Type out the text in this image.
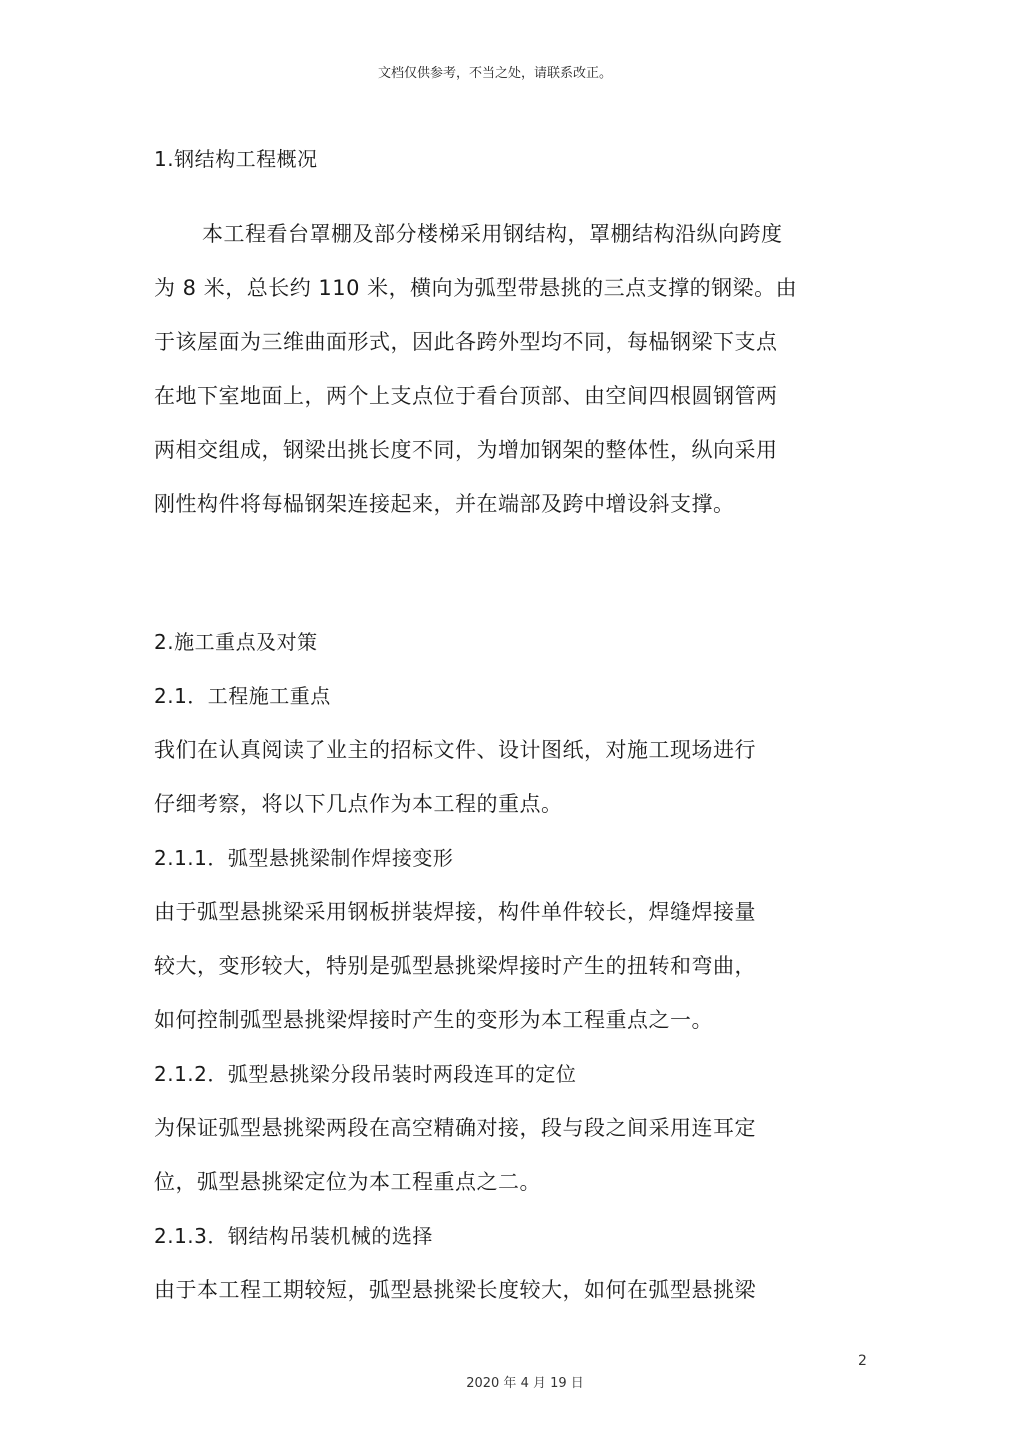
文档仅供参考，不当之处，请联系改正。
1.钢结构工程概况
本工程看台罩棚及部分楼梯采用钢结构，罩棚结构沿纵向跨度
为 8 米，总长约 110 米，横向为弧型带悬挑的三点支撑的钢梁。由
于该屋面为三维曲面形式，因此各跨外型均不同，每榀钢梁下支点
在地下室地面上，两个上支点位于看台顶部、由空间四根圆钢管两
两相交组成，钢梁出挑长度不同，为增加钢架的整体性，纵向采用
刚性构件将每榀钢架连接起来，并在端部及跨中增设斜支撑。
2.施工重点及对策
2.1．工程施工重点
我们在认真阅读了业主的招标文件、设计图纸，对施工现场进行
仔细考察，将以下几点作为本工程的重点。
2.1.1．弧型悬挑梁制作焊接变形
由于弧型悬挑梁采用钢板拼装焊接，构件单件较长，焊缝焊接量
较大，变形较大，特别是弧型悬挑梁焊接时产生的扭转和弯曲，
如何控制弧型悬挑梁焊接时产生的变形为本工程重点之一。
2.1.2．弧型悬挑梁分段吊装时两段连耳的定位
为保证弧型悬挑梁两段在高空精确对接，段与段之间采用连耳定
位，弧型悬挑梁定位为本工程重点之二。
2.1.3．钢结构吊装机械的选择
由于本工程工期较短，弧型悬挑梁长度较大，如何在弧型悬挑梁
2
2020 年 4 月 19 日
